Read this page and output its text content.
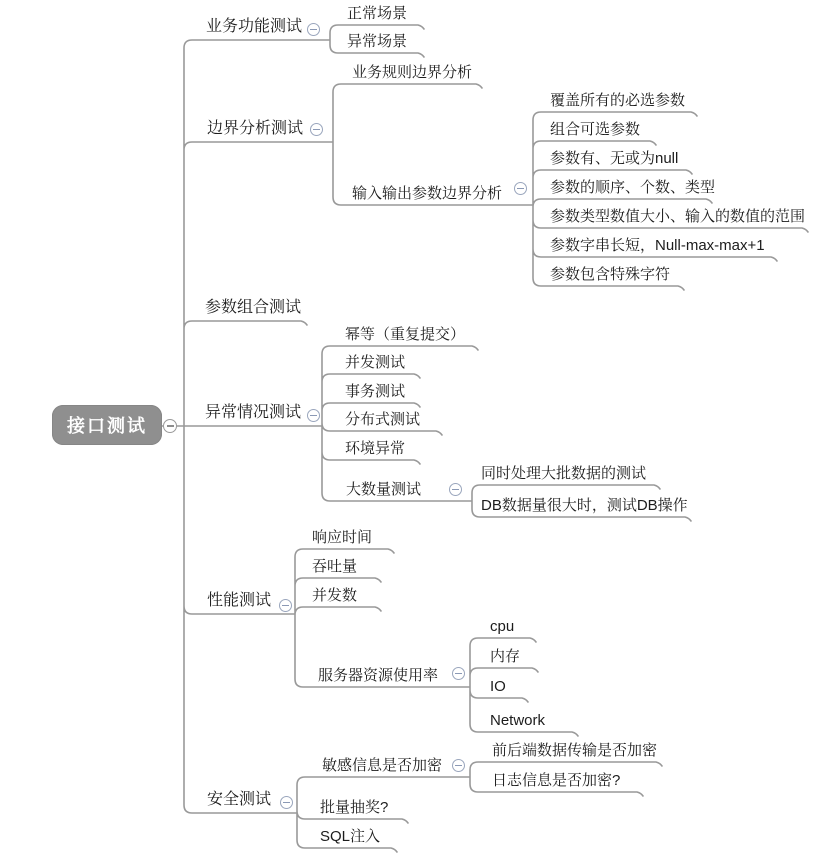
接口测试
业务功能测试
边界分析测试
参数组合测试
异常情况测试
性能测试
安全测试
正常场景
异常场景
业务规则边界分析
输入输出参数边界分析
覆盖所有的必选参数
组合可选参数
参数有、无或为null
参数的顺序、个数、类型
参数类型数值大小、输入的数值的范围
参数字串长短，Null-max-max+1
参数包含特殊字符
幂等（重复提交）
并发测试
事务测试
分布式测试
环境异常
大数量测试
同时处理大批数据的测试
DB数据量很大时，测试DB操作
响应时间
吞吐量
并发数
服务器资源使用率
cpu
内存
IO
Network
敏感信息是否加密
前后端数据传输是否加密
日志信息是否加密?
批量抽奖?
SQL注入
